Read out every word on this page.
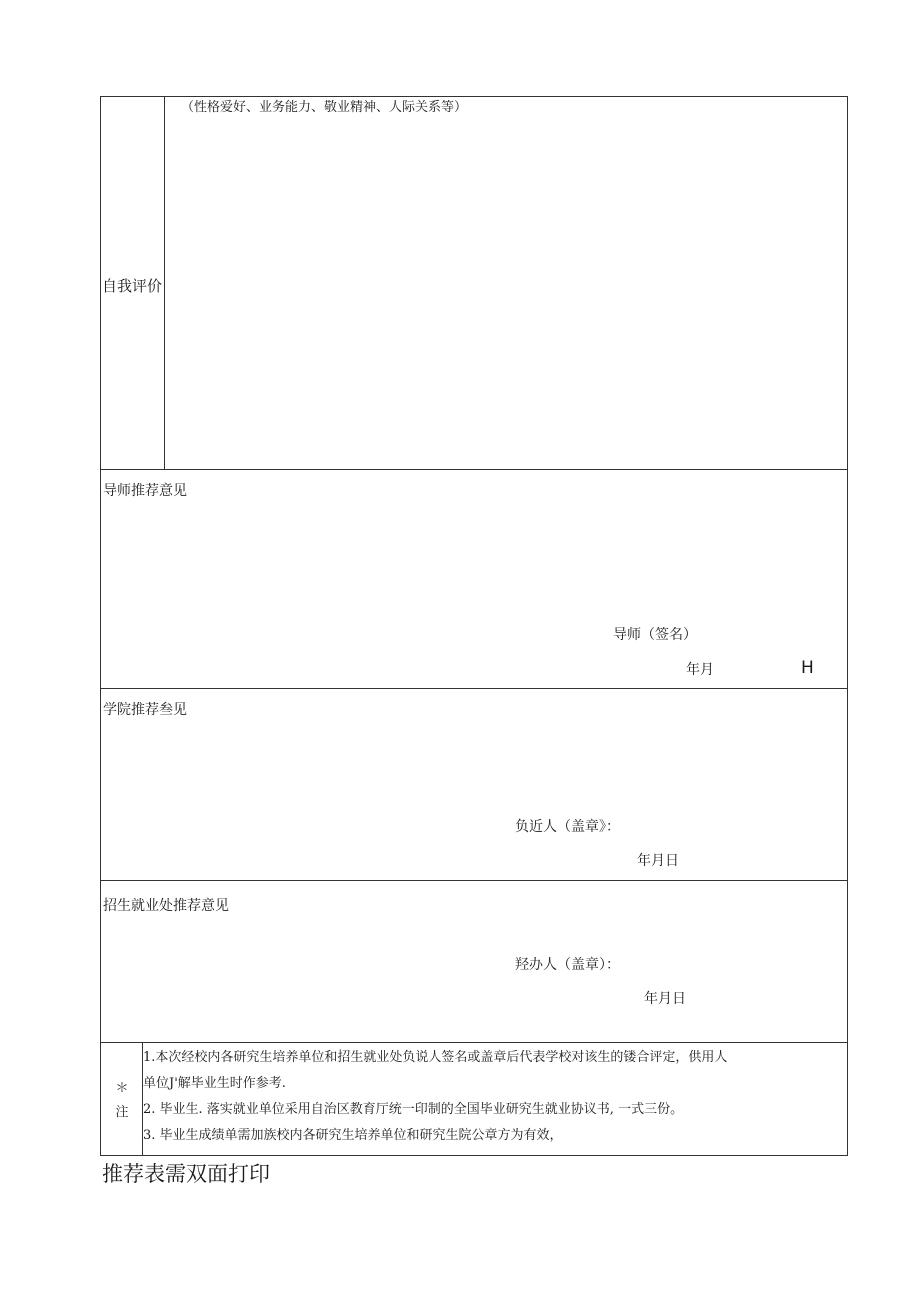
自我评价
（性格爱好、业务能力、敬业精神、人际关系等）
导师推荐意见
导师（签名）
年月	H
学院推荐叁见
负近人（盖章》：
年月日
招生就业处推荐意见
羟办人（盖章）：
年月日
＊
注
1.本次经校内各研究生培养单位和招生就业处负说人签名或盖章后代表学校对该生的镂合评定，供用人
单位J'解毕业生时作参考.
2. 毕业生. 落实就业单位采用自治区教育厅统一印制的全国毕业研究生就业协议书, 一式三份。
3. 毕业生成绩单需加族校内各研究生培养单位和研究生院公章方为有效，
推荐表需双面打印
